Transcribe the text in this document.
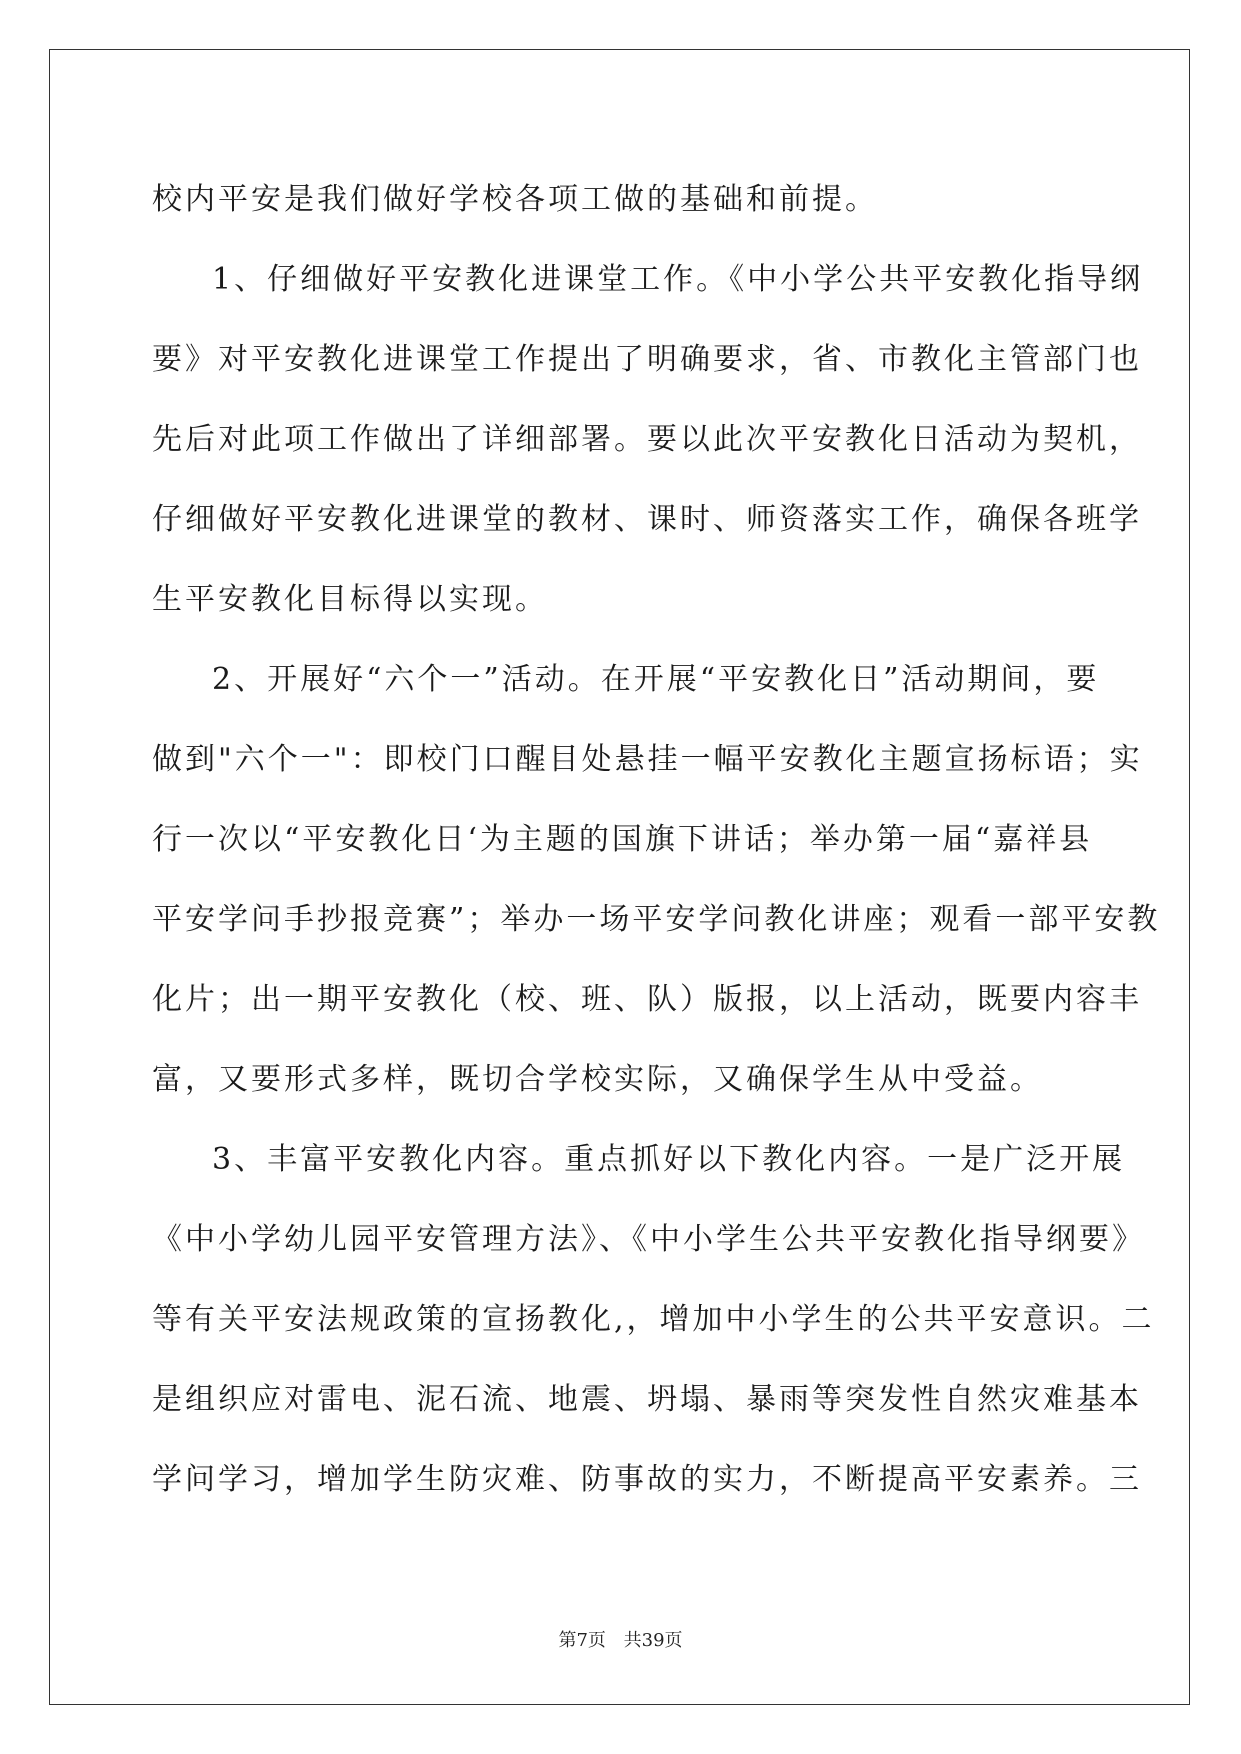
校内平安是我们做好学校各项工做的基础和前提。
1、仔细做好平安教化进课堂工作。《中小学公共平安教化指导纲
要》对平安教化进课堂工作提出了明确要求，省、市教化主管部门也
先后对此项工作做出了详细部署。要以此次平安教化日活动为契机，
仔细做好平安教化进课堂的教材、课时、师资落实工作，确保各班学
生平安教化目标得以实现。
2、开展好“六个一”活动。在开展“平安教化日”活动期间，要
做到"六个一"：即校门口醒目处悬挂一幅平安教化主题宣扬标语；实
行一次以“平安教化日‘为主题的国旗下讲话；举办第一届“嘉祥县
平安学问手抄报竞赛”；举办一场平安学问教化讲座；观看一部平安教
化片；出一期平安教化（校、班、队）版报，以上活动，既要内容丰
富，又要形式多样，既切合学校实际，又确保学生从中受益。
3、丰富平安教化内容。重点抓好以下教化内容。一是广泛开展
《中小学幼儿园平安管理方法》、《中小学生公共平安教化指导纲要》
等有关平安法规政策的宣扬教化,，增加中小学生的公共平安意识。二
是组织应对雷电、泥石流、地震、坍塌、暴雨等突发性自然灾难基本
学问学习，增加学生防灾难、防事故的实力，不断提高平安素养。三
第7页 共39页
